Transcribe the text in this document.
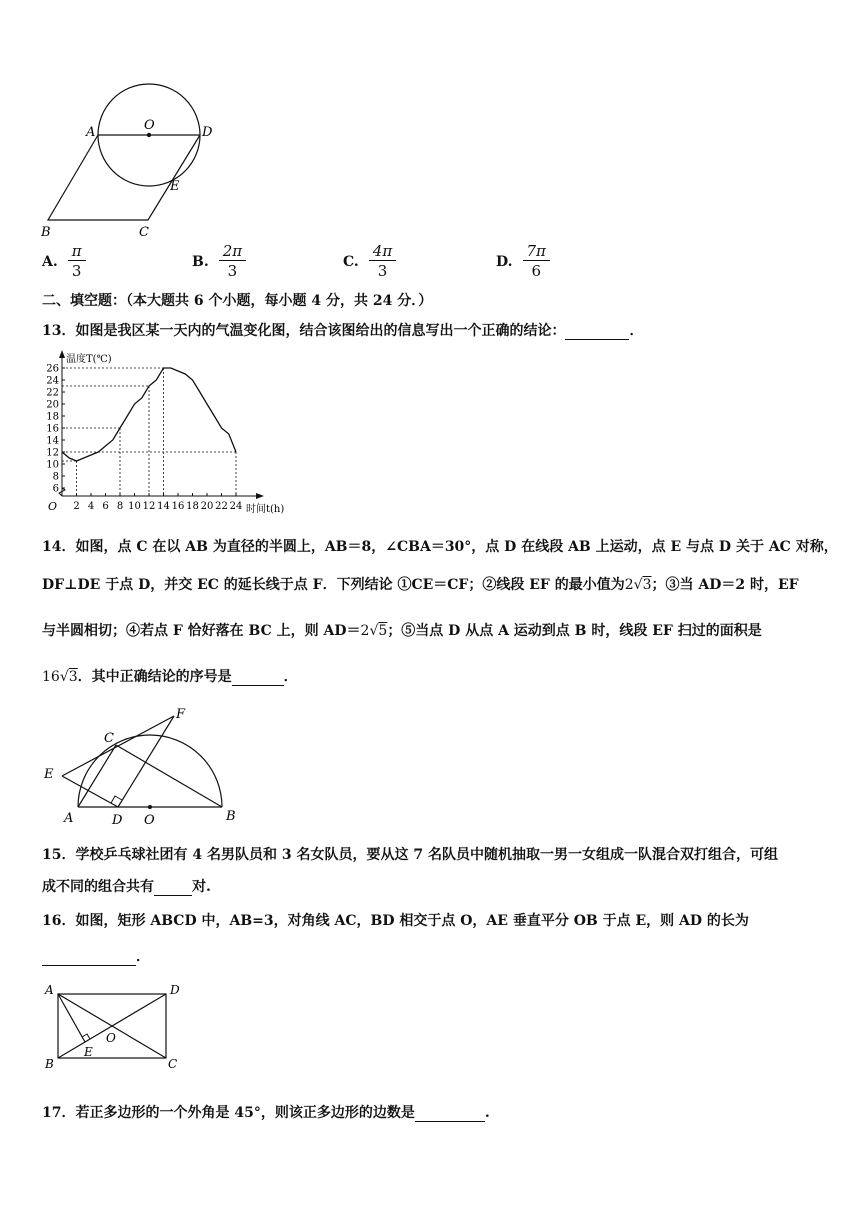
A	O	D
E
B	C
A. $\frac{\pi}{3}$	B. $\frac{2\pi}{3}$	C. $\frac{4\pi}{3}$	D. $\frac{7\pi}{6}$
二、填空题：（本大题共 6 个小题，每小题 4 分，共 24 分．）
13．如图是我区某一天内的气温变化图，结合该图给出的信息写出一个正确的结论：	．
2 4 6 8 10 12 14 16 18 20 22 24
6
8
10
12
14
16
18
20
22
24
26
O
温度T(℃)
时间t(h)
14．如图，点 C 在以 AB 为直径的半圆上，AB＝8，∠CBA＝30°，点 D 在线段 AB 上运动，点 E 与点 D 关于 AC 对称，
DF⊥DE 于点 D，并交 EC 的延长线于点 F．下列结论 ①CE＝CF；②线段 EF 的最小值为2√3；③当 AD＝2 时，EF
与半圆相切；④若点 F 恰好落在 BC 上，则 AD＝2√5；⑤当点 D 从点 A 运动到点 B 时，线段 EF 扫过的面积是
16√3．其中正确结论的序号是	．
F
C
E
A	D O	B
15．学校乒乓球社团有 4 名男队员和 3 名女队员，要从这 7 名队员中随机抽取一男一女组成一队混合双打组合，可组
成不同的组合共有	对.
16．如图，矩形 ABCD 中，AB=3，对角线 AC，BD 相交于点 O，AE 垂直平分 OB 于点 E，则 AD 的长为
．
A	D
O
E
B	C
17．若正多边形的一个外角是 45°，则该正多边形的边数是	.
